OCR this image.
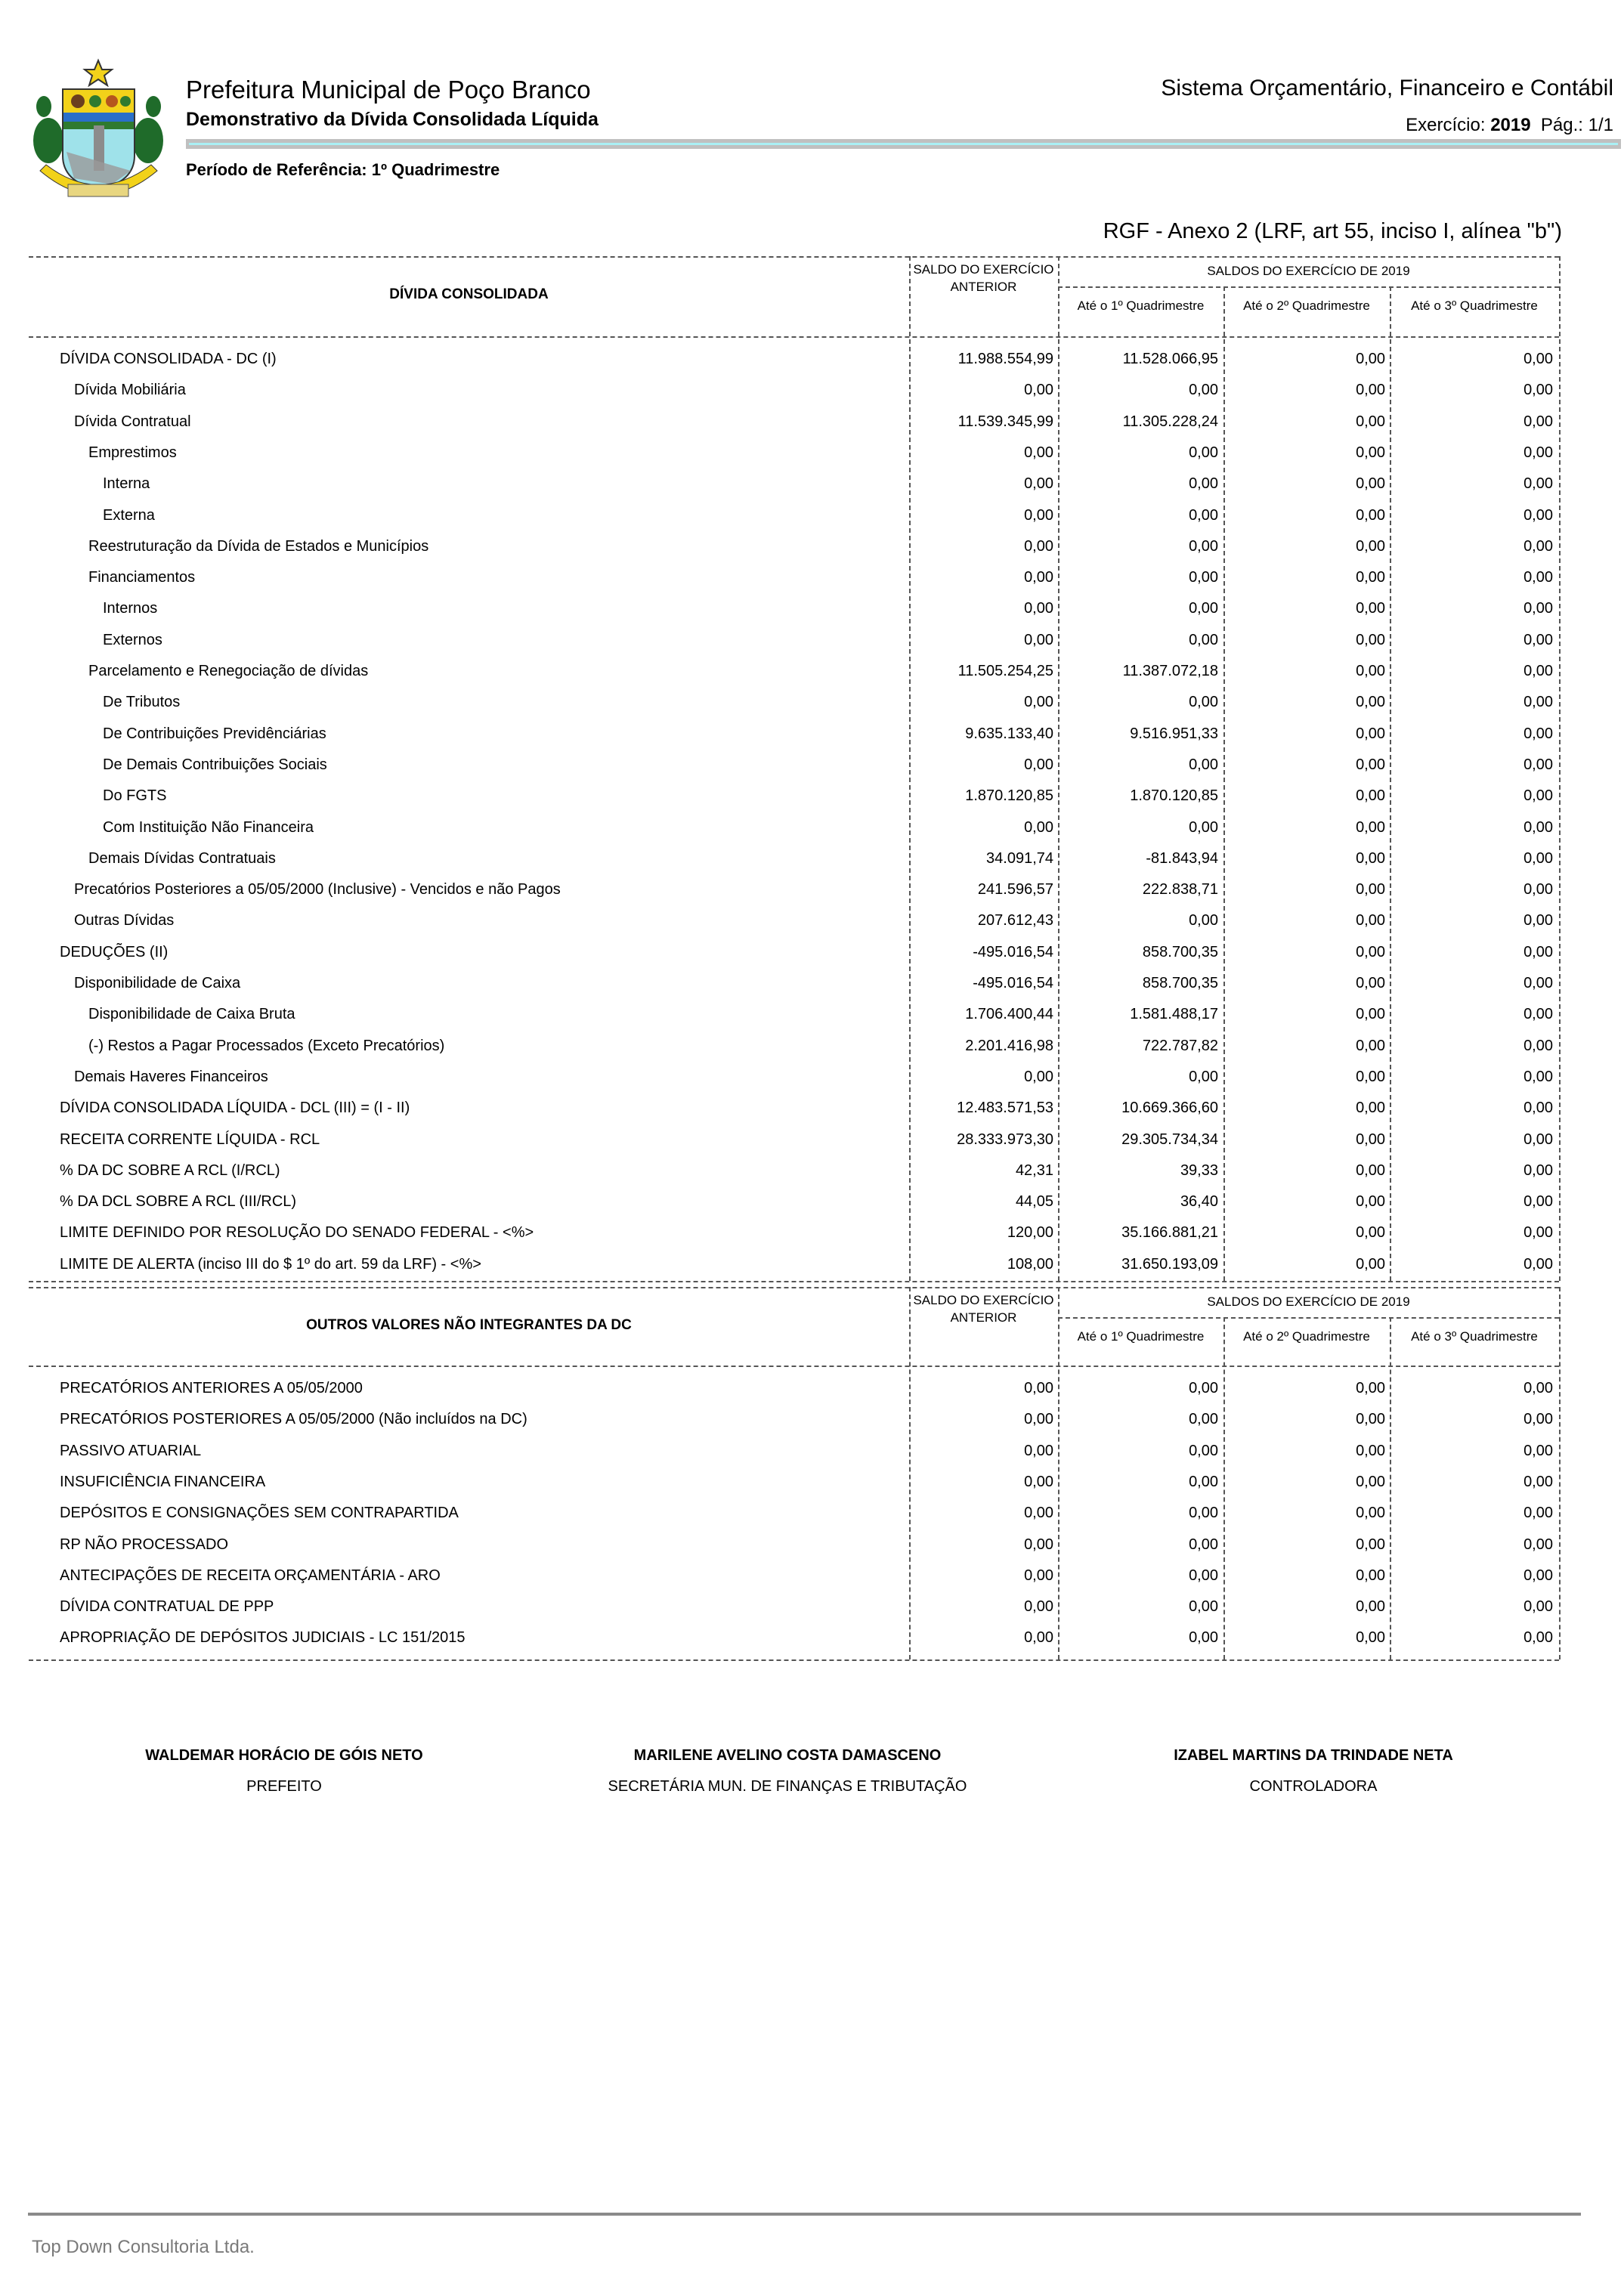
Prefeitura Municipal de Poço Branco
Demonstrativo da Dívida Consolidada Líquida
Período de Referência: 1º Quadrimestre
Sistema Orçamentário, Financeiro e Contábil
Exercício: 2019 Pág.: 1/1
RGF - Anexo 2 (LRF, art 55, inciso I, alínea "b")
DÍVIDA CONSOLIDADA
SALDO DO EXERCÍCIO ANTERIOR
SALDOS DO EXERCÍCIO DE 2019
Até o 1º Quadrimestre	Até o 2º Quadrimestre	Até o 3º Quadrimestre
DÍVIDA CONSOLIDADA - DC (I)	11.988.554,99	11.528.066,95	0,00	0,00
Dívida Mobiliária	0,00	0,00	0,00	0,00
Dívida Contratual	11.539.345,99	11.305.228,24	0,00	0,00
Emprestimos	0,00	0,00	0,00	0,00
Interna	0,00	0,00	0,00	0,00
Externa	0,00	0,00	0,00	0,00
Reestruturação da Dívida de Estados e Municípios	0,00	0,00	0,00	0,00
Financiamentos	0,00	0,00	0,00	0,00
Internos	0,00	0,00	0,00	0,00
Externos	0,00	0,00	0,00	0,00
Parcelamento e Renegociação de dívidas	11.505.254,25	11.387.072,18	0,00	0,00
De Tributos	0,00	0,00	0,00	0,00
De Contribuições Previdênciárias	9.635.133,40	9.516.951,33	0,00	0,00
De Demais Contribuições Sociais	0,00	0,00	0,00	0,00
Do FGTS	1.870.120,85	1.870.120,85	0,00	0,00
Com Instituição Não Financeira	0,00	0,00	0,00	0,00
Demais Dívidas Contratuais	34.091,74	-81.843,94	0,00	0,00
Precatórios Posteriores a 05/05/2000 (Inclusive) - Vencidos e não Pagos	241.596,57	222.838,71	0,00	0,00
Outras Dívidas	207.612,43	0,00	0,00	0,00
DEDUÇÕES (II)	-495.016,54	858.700,35	0,00	0,00
Disponibilidade de Caixa	-495.016,54	858.700,35	0,00	0,00
Disponibilidade de Caixa Bruta	1.706.400,44	1.581.488,17	0,00	0,00
(-) Restos a Pagar Processados (Exceto Precatórios)	2.201.416,98	722.787,82	0,00	0,00
Demais Haveres Financeiros	0,00	0,00	0,00	0,00
DÍVIDA CONSOLIDADA LÍQUIDA - DCL (III) = (I - II)	12.483.571,53	10.669.366,60	0,00	0,00
RECEITA CORRENTE LÍQUIDA - RCL	28.333.973,30	29.305.734,34	0,00	0,00
% DA DC SOBRE A RCL (I/RCL)	42,31	39,33	0,00	0,00
% DA DCL SOBRE A RCL (III/RCL)	44,05	36,40	0,00	0,00
LIMITE DEFINIDO POR RESOLUÇÃO DO SENADO FEDERAL - <%>	120,00	35.166.881,21	0,00	0,00
LIMITE DE ALERTA (inciso III do $ 1º do art. 59 da LRF) - <%>	108,00	31.650.193,09	0,00	0,00
OUTROS VALORES NÃO INTEGRANTES DA DC
SALDO DO EXERCÍCIO ANTERIOR
SALDOS DO EXERCÍCIO DE 2019
Até o 1º Quadrimestre	Até o 2º Quadrimestre	Até o 3º Quadrimestre
PRECATÓRIOS ANTERIORES A 05/05/2000	0,00	0,00	0,00	0,00
PRECATÓRIOS POSTERIORES A 05/05/2000 (Não incluídos na DC)	0,00	0,00	0,00	0,00
PASSIVO ATUARIAL	0,00	0,00	0,00	0,00
INSUFICIÊNCIA FINANCEIRA	0,00	0,00	0,00	0,00
DEPÓSITOS E CONSIGNAÇÕES SEM CONTRAPARTIDA	0,00	0,00	0,00	0,00
RP NÃO PROCESSADO	0,00	0,00	0,00	0,00
ANTECIPAÇÕES DE RECEITA ORÇAMENTÁRIA - ARO	0,00	0,00	0,00	0,00
DÍVIDA CONTRATUAL DE PPP	0,00	0,00	0,00	0,00
APROPRIAÇÃO DE DEPÓSITOS JUDICIAIS - LC 151/2015	0,00	0,00	0,00	0,00
WALDEMAR HORÁCIO DE GÓIS NETO
PREFEITO
MARILENE AVELINO COSTA DAMASCENO
SECRETÁRIA MUN. DE FINANÇAS E TRIBUTAÇÃO
IZABEL MARTINS DA TRINDADE NETA
CONTROLADORA
Top Down Consultoria Ltda.
